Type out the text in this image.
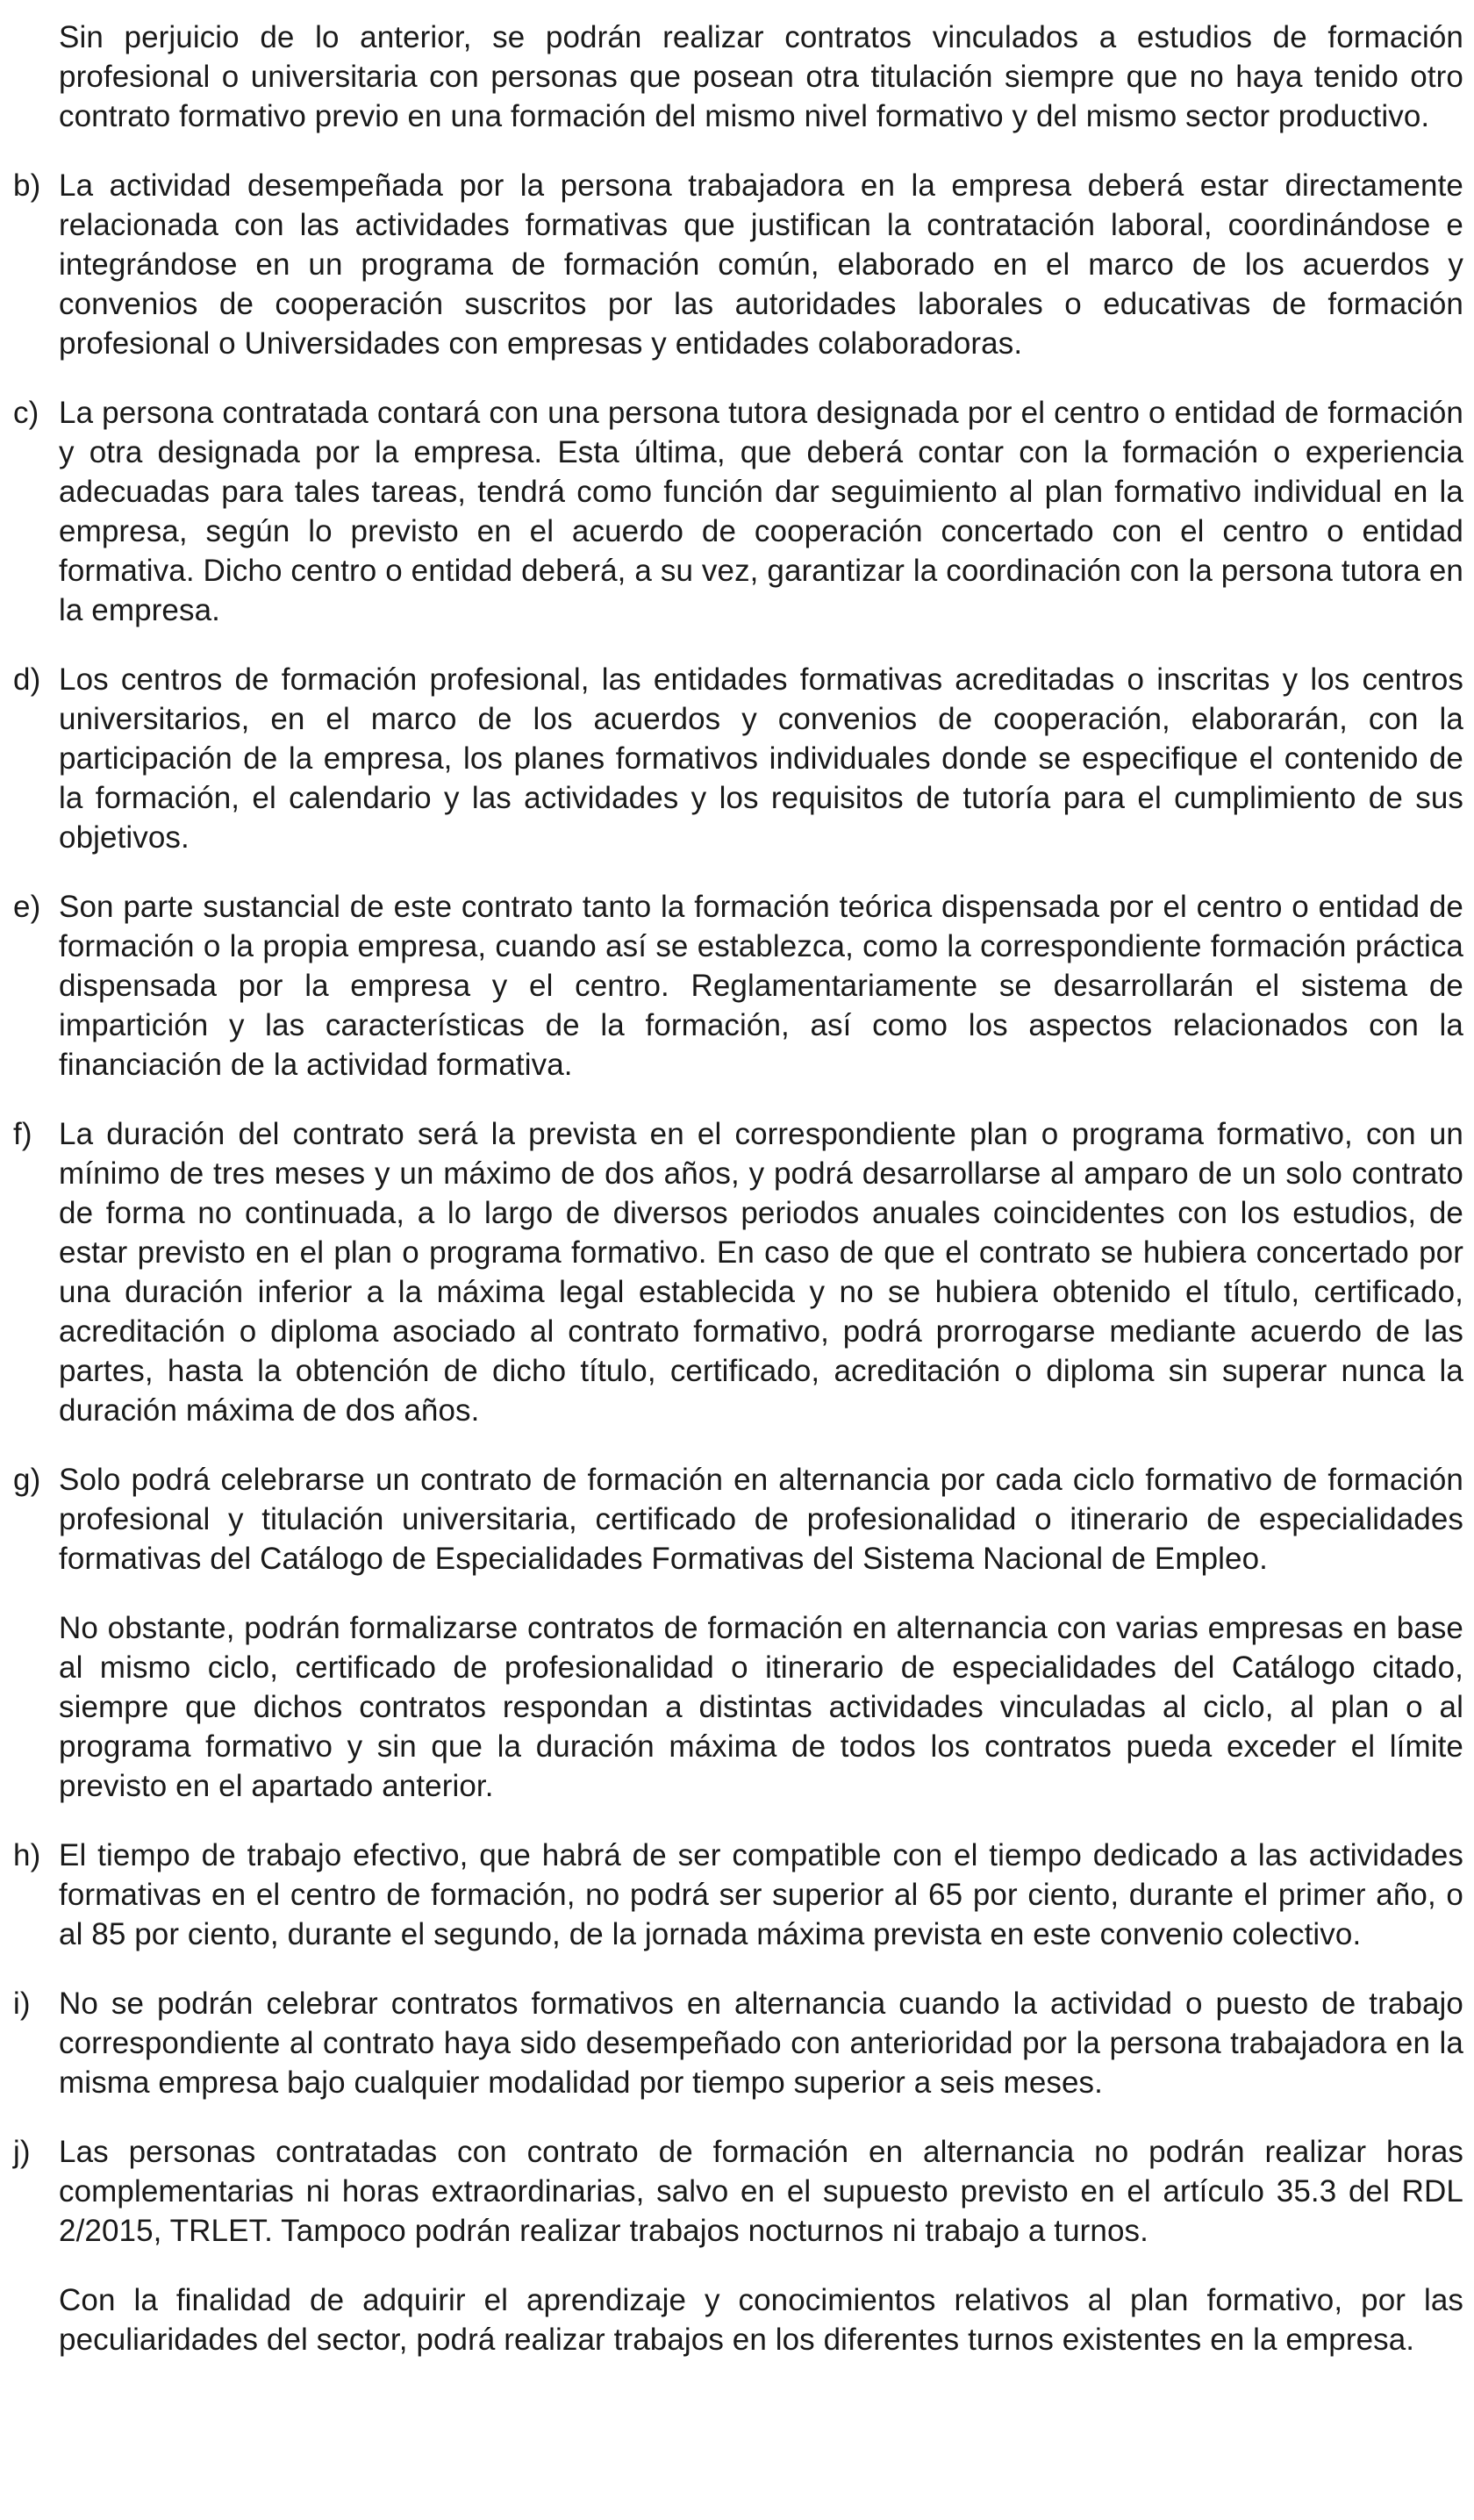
Sin perjuicio de lo anterior, se podrán realizar contratos vinculados a estudios de formación profesional o universitaria con personas que posean otra titulación siempre que no haya tenido otro contrato formativo previo en una formación del mismo nivel formativo y del mismo sector productivo.
b) La actividad desempeñada por la persona trabajadora en la empresa deberá estar directamente relacionada con las actividades formativas que justifican la contratación laboral, coordinándose e integrándose en un programa de formación común, elaborado en el marco de los acuerdos y convenios de cooperación suscritos por las autoridades laborales o educativas de formación profesional o Universidades con empresas y entidades colaboradoras.
c) La persona contratada contará con una persona tutora designada por el centro o entidad de formación y otra designada por la empresa. Esta última, que deberá contar con la formación o experiencia adecuadas para tales tareas, tendrá como función dar seguimiento al plan formativo individual en la empresa, según lo previsto en el acuerdo de cooperación concertado con el centro o entidad formativa. Dicho centro o entidad deberá, a su vez, garantizar la coordinación con la persona tutora en la empresa.
d) Los centros de formación profesional, las entidades formativas acreditadas o inscritas y los centros universitarios, en el marco de los acuerdos y convenios de cooperación, elaborarán, con la participación de la empresa, los planes formativos individuales donde se especifique el contenido de la formación, el calendario y las actividades y los requisitos de tutoría para el cumplimiento de sus objetivos.
e) Son parte sustancial de este contrato tanto la formación teórica dispensada por el centro o entidad de formación o la propia empresa, cuando así se establezca, como la correspondiente formación práctica dispensada por la empresa y el centro. Reglamentariamente se desarrollarán el sistema de impartición y las características de la formación, así como los aspectos relacionados con la financiación de la actividad formativa.
f) La duración del contrato será la prevista en el correspondiente plan o programa formativo, con un mínimo de tres meses y un máximo de dos años, y podrá desarrollarse al amparo de un solo contrato de forma no continuada, a lo largo de diversos periodos anuales coincidentes con los estudios, de estar previsto en el plan o programa formativo. En caso de que el contrato se hubiera concertado por una duración inferior a la máxima legal establecida y no se hubiera obtenido el título, certificado, acreditación o diploma asociado al contrato formativo, podrá prorrogarse mediante acuerdo de las partes, hasta la obtención de dicho título, certificado, acreditación o diploma sin superar nunca la duración máxima de dos años.
g) Solo podrá celebrarse un contrato de formación en alternancia por cada ciclo formativo de formación profesional y titulación universitaria, certificado de profesionalidad o itinerario de especialidades formativas del Catálogo de Especialidades Formativas del Sistema Nacional de Empleo.
No obstante, podrán formalizarse contratos de formación en alternancia con varias empresas en base al mismo ciclo, certificado de profesionalidad o itinerario de especialidades del Catálogo citado, siempre que dichos contratos respondan a distintas actividades vinculadas al ciclo, al plan o al programa formativo y sin que la duración máxima de todos los contratos pueda exceder el límite previsto en el apartado anterior.
h) El tiempo de trabajo efectivo, que habrá de ser compatible con el tiempo dedicado a las actividades formativas en el centro de formación, no podrá ser superior al 65 por ciento, durante el primer año, o al 85 por ciento, durante el segundo, de la jornada máxima prevista en este convenio colectivo.
i) No se podrán celebrar contratos formativos en alternancia cuando la actividad o puesto de trabajo correspondiente al contrato haya sido desempeñado con anterioridad por la persona trabajadora en la misma empresa bajo cualquier modalidad por tiempo superior a seis meses.
j) Las personas contratadas con contrato de formación en alternancia no podrán realizar horas complementarias ni horas extraordinarias, salvo en el supuesto previsto en el artículo 35.3 del RDL 2/2015, TRLET. Tampoco podrán realizar trabajos nocturnos ni trabajo a turnos.
Con la finalidad de adquirir el aprendizaje y conocimientos relativos al plan formativo, por las peculiaridades del sector, podrá realizar trabajos en los diferentes turnos existentes en la empresa.
